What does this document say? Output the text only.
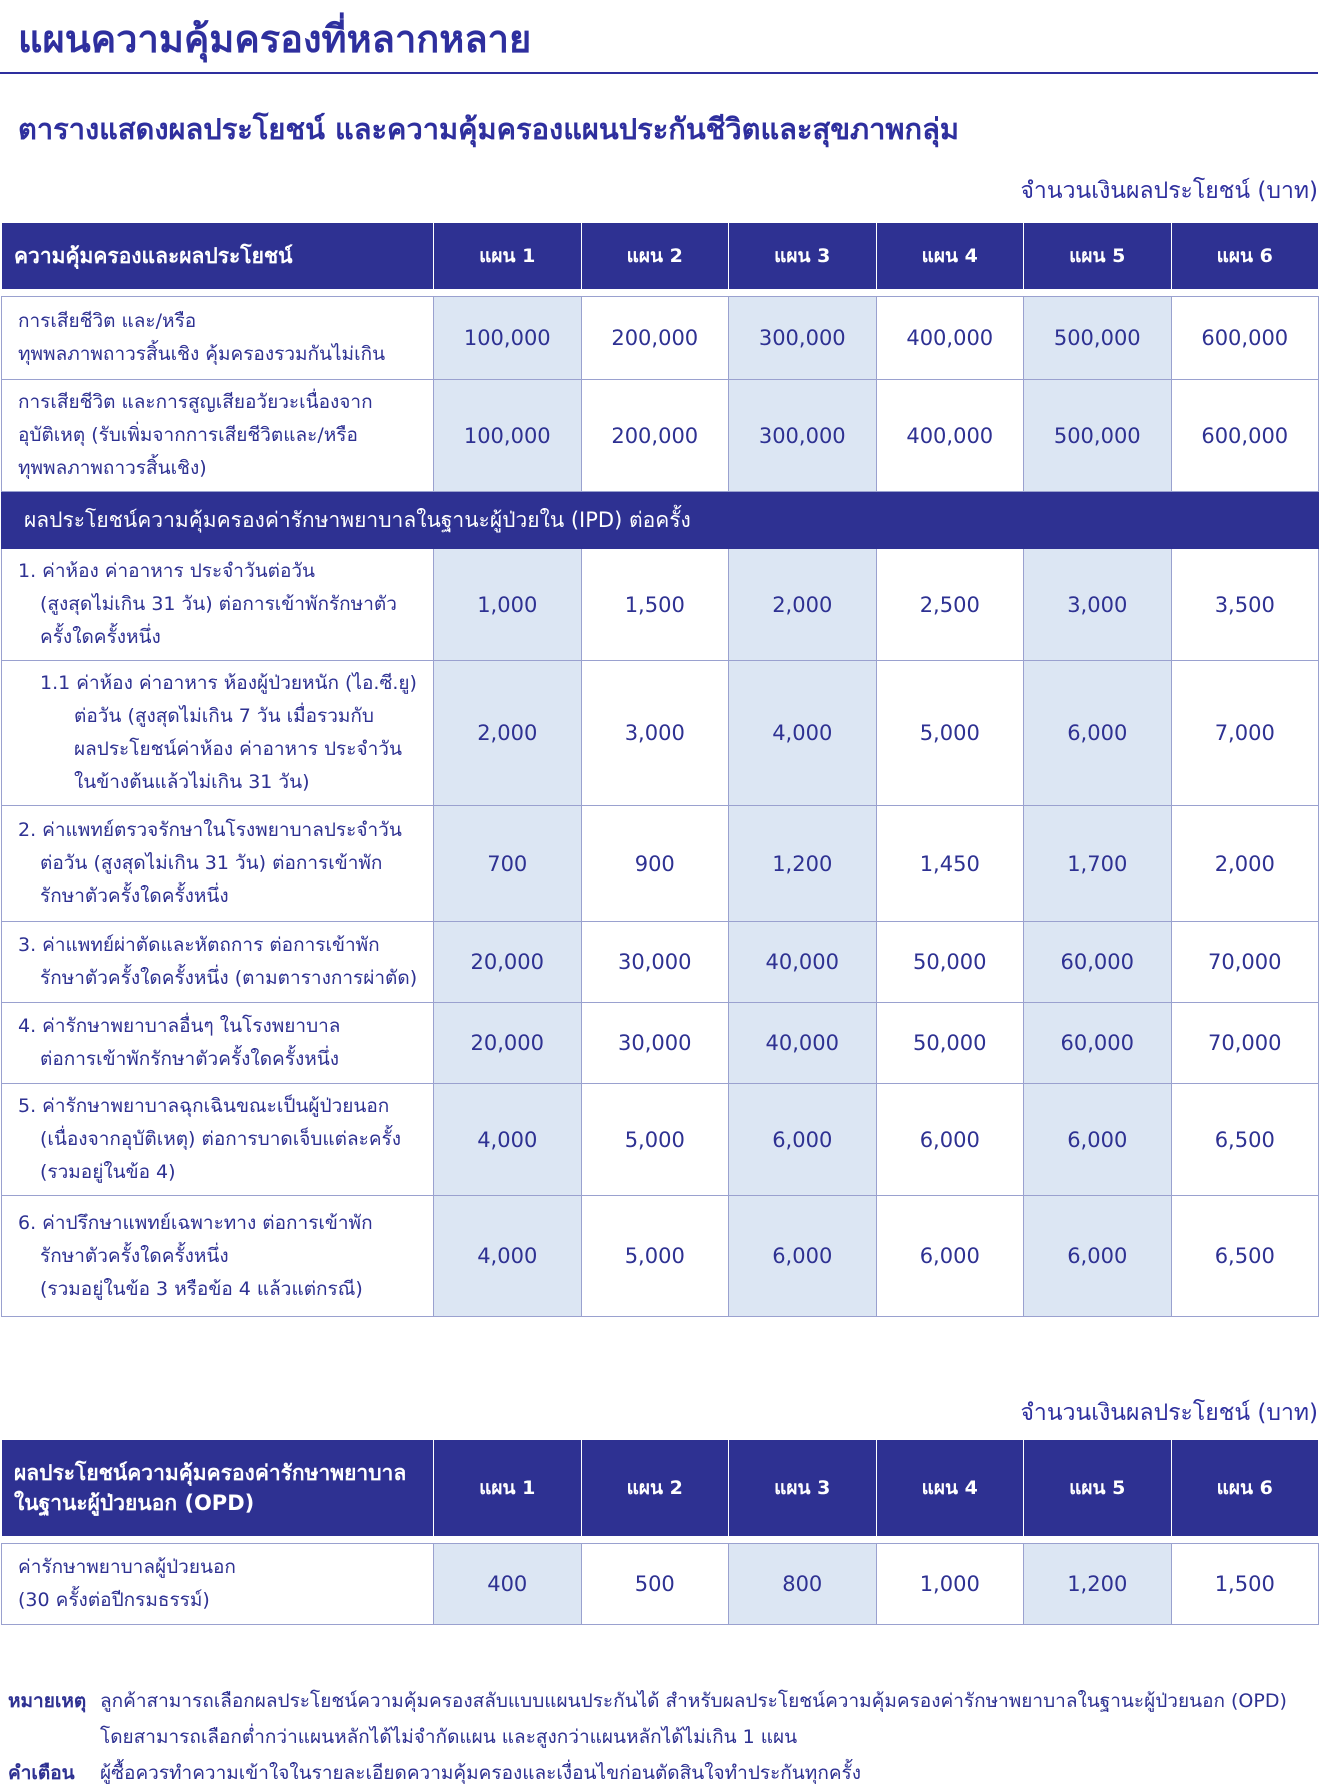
แผนความคุ้มครองที่หลากหลาย
ตารางแสดงผลประโยชน์ และความคุ้มครองแผนประกันชีวิตและสุขภาพกลุ่ม
จำนวนเงินผลประโยชน์ (บาท)
ความคุ้มครองและผลประโยชน์	แผน 1	แผน 2	แผน 3	แผน 4	แผน 5	แผน 6

การเสียชีวิต และ/หรือ
ทุพพลภาพถาวรสิ้นเชิง คุ้มครองรวมกันไม่เกิน	100,000	200,000	300,000	400,000	500,000	600,000

การเสียชีวิต และการสูญเสียอวัยวะเนื่องจาก
อุบัติเหตุ (รับเพิ่มจากการเสียชีวิตและ/หรือ
ทุพพลภาพถาวรสิ้นเชิง)	100,000	200,000	300,000	400,000	500,000	600,000
ผลประโยชน์ความคุ้มครองค่ารักษาพยาบาลในฐานะผู้ป่วยใน (IPD) ต่อครั้ง						

1. ค่าห้อง ค่าอาหาร ประจำวันต่อวัน
(สูงสุดไม่เกิน 31 วัน) ต่อการเข้าพักรักษาตัว
ครั้งใดครั้งหนึ่ง	1,000	1,500	2,000	2,500	3,000	3,500

1.1 ค่าห้อง ค่าอาหาร ห้องผู้ป่วยหนัก (ไอ.ซี.ยู)
ต่อวัน (สูงสุดไม่เกิน 7 วัน เมื่อรวมกับ
ผลประโยชน์ค่าห้อง ค่าอาหาร ประจำวัน
ในข้างต้นแล้วไม่เกิน 31 วัน)	2,000	3,000	4,000	5,000	6,000	7,000

2. ค่าแพทย์ตรวจรักษาในโรงพยาบาลประจำวัน
ต่อวัน (สูงสุดไม่เกิน 31 วัน) ต่อการเข้าพัก
รักษาตัวครั้งใดครั้งหนึ่ง	700	900	1,200	1,450	1,700	2,000

3. ค่าแพทย์ผ่าตัดและหัตถการ ต่อการเข้าพัก
รักษาตัวครั้งใดครั้งหนึ่ง (ตามตารางการผ่าตัด)	20,000	30,000	40,000	50,000	60,000	70,000

4. ค่ารักษาพยาบาลอื่นๆ ในโรงพยาบาล
ต่อการเข้าพักรักษาตัวครั้งใดครั้งหนึ่ง	20,000	30,000	40,000	50,000	60,000	70,000

5. ค่ารักษาพยาบาลฉุกเฉินขณะเป็นผู้ป่วยนอก
(เนื่องจากอุบัติเหตุ) ต่อการบาดเจ็บแต่ละครั้ง
(รวมอยู่ในข้อ 4)	4,000	5,000	6,000	6,000	6,000	6,500

6. ค่าปรึกษาแพทย์เฉพาะทาง ต่อการเข้าพัก
รักษาตัวครั้งใดครั้งหนึ่ง
(รวมอยู่ในข้อ 3 หรือข้อ 4 แล้วแต่กรณี)	4,000	5,000	6,000	6,000	6,000	6,500
จำนวนเงินผลประโยชน์ (บาท)
ผลประโยชน์ความคุ้มครองค่ารักษาพยาบาล
ในฐานะผู้ป่วยนอก (OPD)	แผน 1	แผน 2	แผน 3	แผน 4	แผน 5	แผน 6

ค่ารักษาพยาบาลผู้ป่วยนอก
(30 ครั้งต่อปีกรมธรรม์)	400	500	800	1,000	1,200	1,500
หมายเหตุ ลูกค้าสามารถเลือกผลประโยชน์ความคุ้มครองสลับแบบแผนประกันได้ สำหรับผลประโยชน์ความคุ้มครองค่ารักษาพยาบาลในฐานะผู้ป่วยนอก (OPD)
โดยสามารถเลือกต่ำกว่าแผนหลักได้ไม่จำกัดแผน และสูงกว่าแผนหลักได้ไม่เกิน 1 แผน
คำเตือน ผู้ซื้อควรทำความเข้าใจในรายละเอียดความคุ้มครองและเงื่อนไขก่อนตัดสินใจทำประกันทุกครั้ง
